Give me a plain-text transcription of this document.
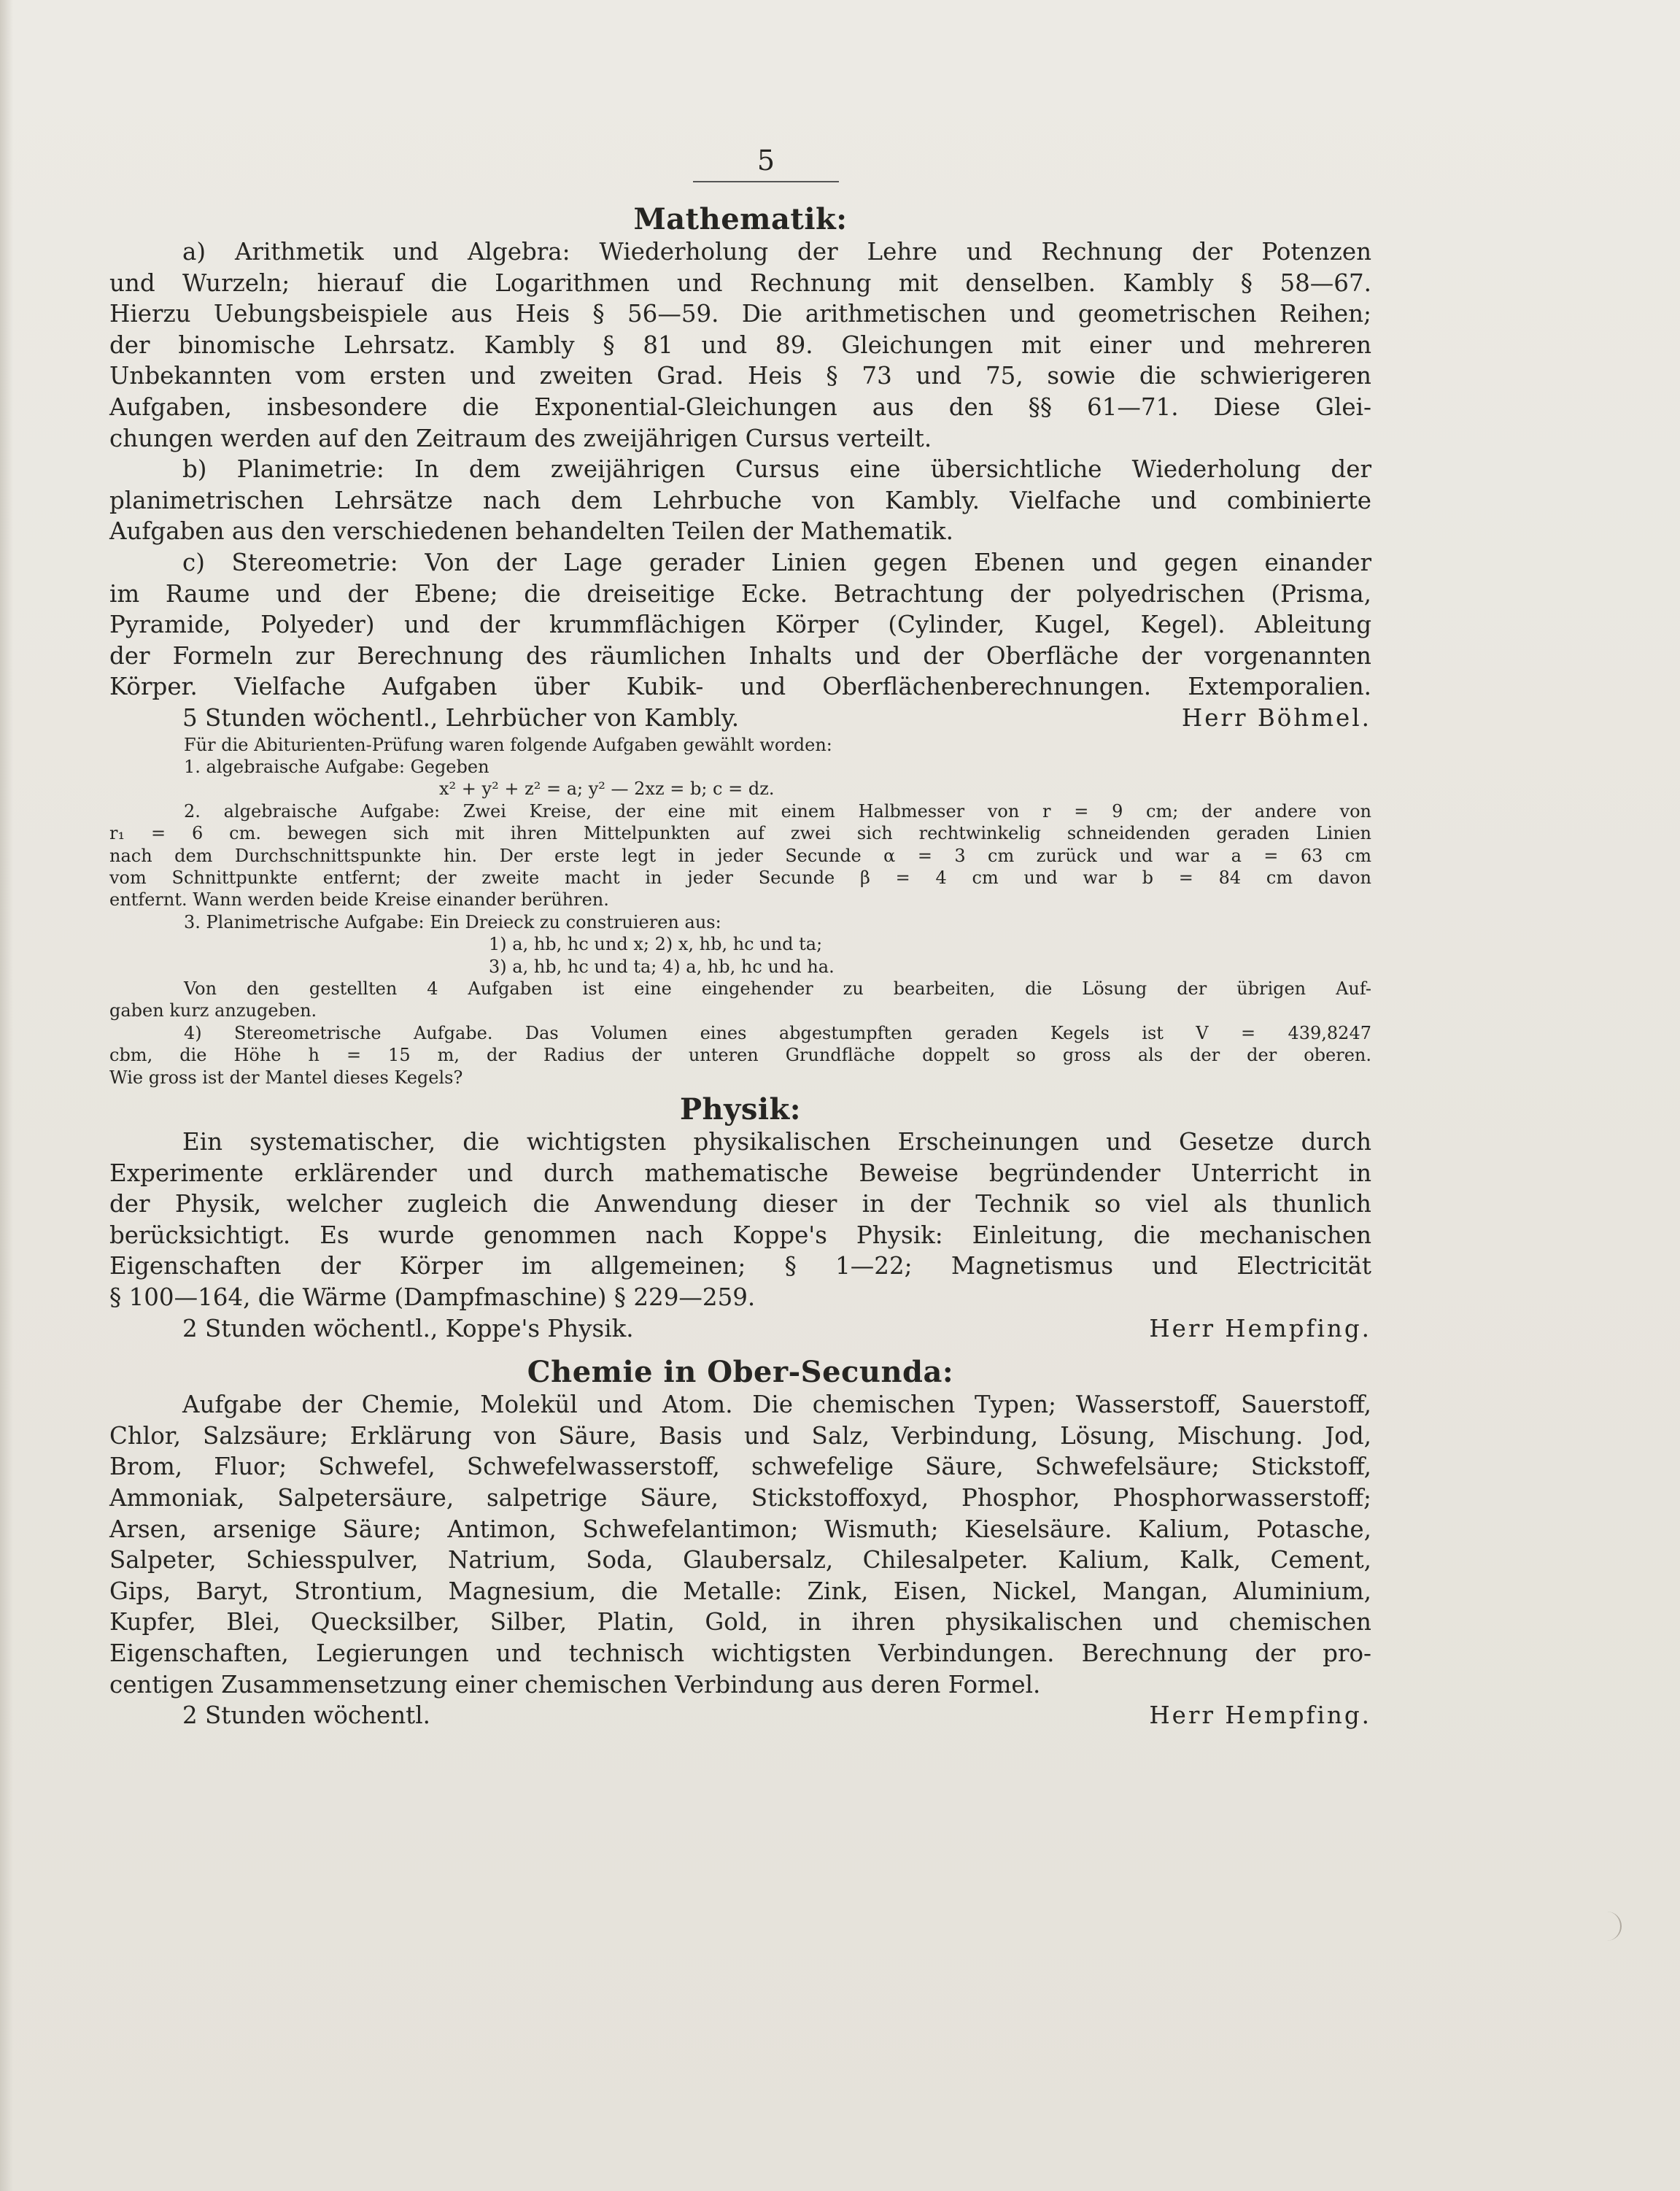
5
Mathematik:
a) Arithmetik und Algebra: Wiederholung der Lehre und Rechnung der Potenzen
und Wurzeln; hierauf die Logarithmen und Rechnung mit denselben. Kambly § 58—67.
Hierzu Uebungsbeispiele aus Heis § 56—59. Die arithmetischen und geometrischen Reihen;
der binomische Lehrsatz. Kambly § 81 und 89. Gleichungen mit einer und mehreren
Unbekannten vom ersten und zweiten Grad. Heis § 73 und 75, sowie die schwierigeren
Aufgaben, insbesondere die Exponential-Gleichungen aus den §§ 61—71. Diese Glei-
chungen werden auf den Zeitraum des zweijährigen Cursus verteilt.
b) Planimetrie: In dem zweijährigen Cursus eine übersichtliche Wiederholung der
planimetrischen Lehrsätze nach dem Lehrbuche von Kambly. Vielfache und combinierte
Aufgaben aus den verschiedenen behandelten Teilen der Mathematik.
c) Stereometrie: Von der Lage gerader Linien gegen Ebenen und gegen einander
im Raume und der Ebene; die dreiseitige Ecke. Betrachtung der polyedrischen (Prisma,
Pyramide, Polyeder) und der krummflächigen Körper (Cylinder, Kugel, Kegel). Ableitung
der Formeln zur Berechnung des räumlichen Inhalts und der Oberfläche der vorgenannten
Körper. Vielfache Aufgaben über Kubik- und Oberflächenberechnungen. Extemporalien.
5 Stunden wöchentl., Lehrbücher von Kambly.	Herr Böhmel.
Für die Abiturienten-Prüfung waren folgende Aufgaben gewählt worden:
1. algebraische Aufgabe: Gegeben
x² + y² + z² = a; y² — 2xz = b; c = dz.
2. algebraische Aufgabe: Zwei Kreise, der eine mit einem Halbmesser von r = 9 cm; der andere von
r₁ = 6 cm. bewegen sich mit ihren Mittelpunkten auf zwei sich rechtwinkelig schneidenden geraden Linien
nach dem Durchschnittspunkte hin. Der erste legt in jeder Secunde α = 3 cm zurück und war a = 63 cm
vom Schnittpunkte entfernt; der zweite macht in jeder Secunde β = 4 cm und war b = 84 cm davon
entfernt. Wann werden beide Kreise einander berühren.
3. Planimetrische Aufgabe: Ein Dreieck zu construieren aus:
1) a, hb, hc und x; 2) x, hb, hc und ta;
3) a, hb, hc und ta; 4) a, hb, hc und ha.
Von den gestellten 4 Aufgaben ist eine eingehender zu bearbeiten, die Lösung der übrigen Auf-
gaben kurz anzugeben.
4) Stereometrische Aufgabe. Das Volumen eines abgestumpften geraden Kegels ist V = 439,8247
cbm, die Höhe h = 15 m, der Radius der unteren Grundfläche doppelt so gross als der der oberen.
Wie gross ist der Mantel dieses Kegels?
Physik:
Ein systematischer, die wichtigsten physikalischen Erscheinungen und Gesetze durch
Experimente erklärender und durch mathematische Beweise begründender Unterricht in
der Physik, welcher zugleich die Anwendung dieser in der Technik so viel als thunlich
berücksichtigt. Es wurde genommen nach Koppe's Physik: Einleitung, die mechanischen
Eigenschaften der Körper im allgemeinen; § 1—22; Magnetismus und Electricität
§ 100—164, die Wärme (Dampfmaschine) § 229—259.
2 Stunden wöchentl., Koppe's Physik.	Herr Hempfing.
Chemie in Ober-Secunda:
Aufgabe der Chemie, Molekül und Atom. Die chemischen Typen; Wasserstoff, Sauerstoff,
Chlor, Salzsäure; Erklärung von Säure, Basis und Salz, Verbindung, Lösung, Mischung. Jod,
Brom, Fluor; Schwefel, Schwefelwasserstoff, schwefelige Säure, Schwefelsäure; Stickstoff,
Ammoniak, Salpetersäure, salpetrige Säure, Stickstoffoxyd, Phosphor, Phosphorwasserstoff;
Arsen, arsenige Säure; Antimon, Schwefelantimon; Wismuth; Kieselsäure. Kalium, Potasche,
Salpeter, Schiesspulver, Natrium, Soda, Glaubersalz, Chilesalpeter. Kalium, Kalk, Cement,
Gips, Baryt, Strontium, Magnesium, die Metalle: Zink, Eisen, Nickel, Mangan, Aluminium,
Kupfer, Blei, Quecksilber, Silber, Platin, Gold, in ihren physikalischen und chemischen
Eigenschaften, Legierungen und technisch wichtigsten Verbindungen. Berechnung der pro-
centigen Zusammensetzung einer chemischen Verbindung aus deren Formel.
2 Stunden wöchentl.	Herr Hempfing.
